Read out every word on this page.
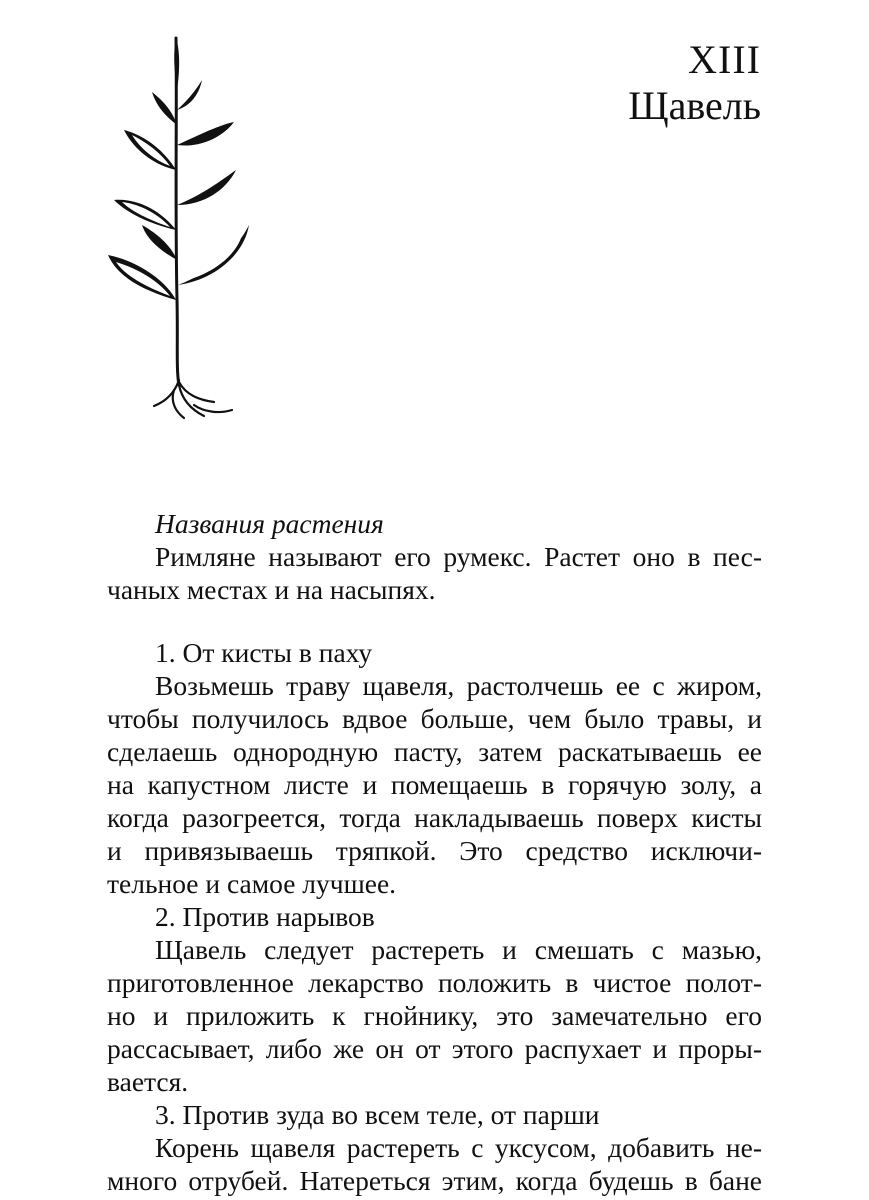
XIII
Щавель
Названия растения
Римляне называют его румекс. Растет оно в пес-
чаных местах и на насыпях.
1. От кисты в паху
Возьмешь траву щавеля, растолчешь ее с жиром,
чтобы получилось вдвое больше, чем было травы, и
сделаешь однородную пасту, затем раскатываешь ее
на капустном листе и помещаешь в горячую золу, а
когда разогреется, тогда накладываешь поверх кисты
и привязываешь тряпкой. Это средство исключи-
тельное и самое лучшее.
2. Против нарывов
Щавель следует растереть и смешать с мазью,
приготовленное лекарство положить в чистое полот-
но и приложить к гнойнику, это замечательно его
рассасывает, либо же он от этого распухает и проры-
вается.
3. Против зуда во всем теле, от парши
Корень щавеля растереть с уксусом, добавить не-
много отрубей. Натереться этим, когда будешь в бане
